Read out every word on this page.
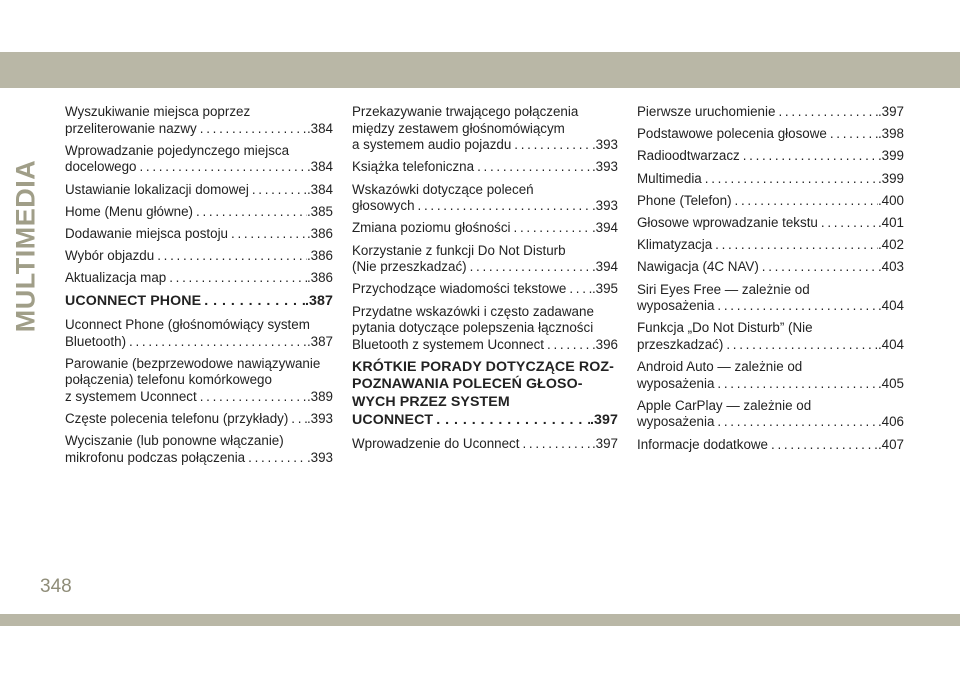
MULTIMEDIA
Wyszukiwanie miejsca poprzez
przeliterowanie nazwy . . .	.384
Wprowadzanie pojedynczego miejsca
docelowego . . .	.384
Ustawianie lokalizacji domowej . . .	.384
Home (Menu główne) . . .	.385
Dodawanie miejsca postoju . . .	.386
Wybór objazdu . . .	.386
Aktualizacja map . . .	.386
UCONNECT PHONE . . .	.387
Uconnect Phone (głośnomówiący system
Bluetooth) . . .	.387
Parowanie (bezprzewodowe nawiązywanie
połączenia) telefonu komórkowego
z systemem Uconnect . . .	.389
Częste polecenia telefonu (przykłady) . . . .393
Wyciszanie (lub ponowne włączanie)
mikrofonu podczas połączenia . . .	.393
Przekazywanie trwającego połączenia
między zestawem głośnomówiącym
a systemem audio pojazdu . . .	.393
Książka telefoniczna . . .	.393
Wskazówki dotyczące poleceń
głosowych . . .	.393
Zmiana poziomu głośności . . .	.394
Korzystanie z funkcji Do Not Disturb
(Nie przeszkadzać) . . .	.394
Przychodzące wiadomości tekstowe . . . .395
Przydatne wskazówki i często zadawane
pytania dotyczące polepszenia łączności
Bluetooth z systemem Uconnect . . .	.396
KRÓTKIE PORADY DOTYCZĄCE ROZ-
POZNAWANIA POLECEŃ GŁOSO-
WYCH PRZEZ SYSTEM
UCONNECT . . .	.397
Wprowadzenie do Uconnect . . .	.397
Pierwsze uruchomienie . . .	.397
Podstawowe polecenia głosowe . . .	.398
Radioodtwarzacz . . .	.399
Multimedia . . .	.399
Phone (Telefon) . . .	.400
Głosowe wprowadzanie tekstu . . .	.401
Klimatyzacja . . .	.402
Nawigacja (4C NAV) . . .	.403
Siri Eyes Free — zależnie od
wyposażenia . . .	.404
Funkcja „Do Not Disturb” (Nie
przeszkadzać) . . .	.404
Android Auto — zależnie od
wyposażenia . . .	.405
Apple CarPlay — zależnie od
wyposażenia . . .	.406
Informacje dodatkowe . . .	.407
348
